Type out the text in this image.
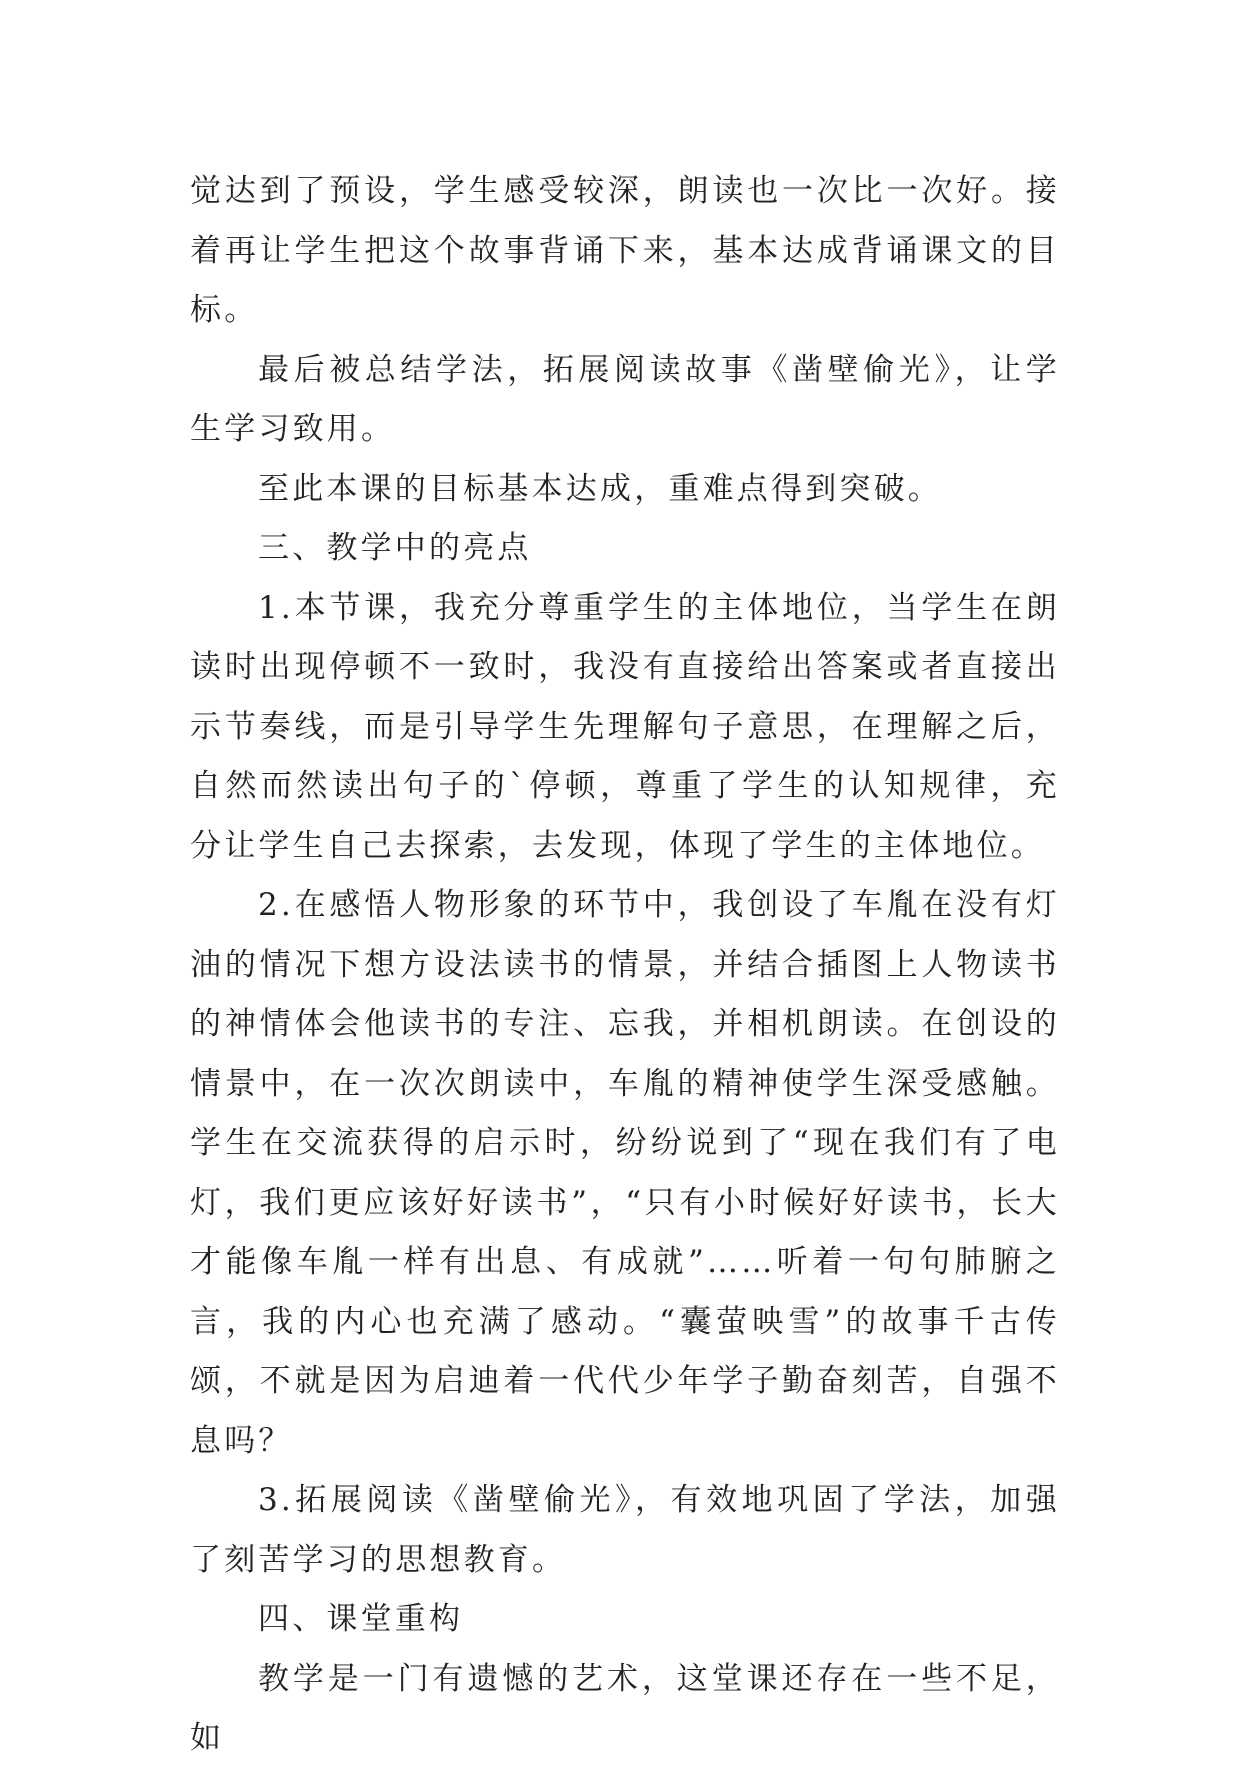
觉达到了预设，学生感受较深，朗读也一次比一次好。接着再让学生把这个故事背诵下来，基本达成背诵课文的目标。

最后被总结学法，拓展阅读故事《凿壁偷光》，让学生学习致用。

至此本课的目标基本达成，重难点得到突破。

三、教学中的亮点

1.本节课，我充分尊重学生的主体地位，当学生在朗读时出现停顿不一致时，我没有直接给出答案或者直接出示节奏线，而是引导学生先理解句子意思，在理解之后，自然而然读出句子的`停顿，尊重了学生的认知规律，充分让学生自己去探索，去发现，体现了学生的主体地位。

2.在感悟人物形象的环节中，我创设了车胤在没有灯油的情况下想方设法读书的情景，并结合插图上人物读书的神情体会他读书的专注、忘我，并相机朗读。在创设的情景中，在一次次朗读中，车胤的精神使学生深受感触。学生在交流获得的启示时，纷纷说到了“现在我们有了电灯，我们更应该好好读书”，“只有小时候好好读书，长大才能像车胤一样有出息、有成就”……听着一句句肺腑之言，我的内心也充满了感动。“囊萤映雪”的故事千古传颂，不就是因为启迪着一代代少年学子勤奋刻苦，自强不息吗？

3.拓展阅读《凿壁偷光》，有效地巩固了学法，加强了刻苦学习的思想教育。

四、课堂重构

教学是一门有遗憾的艺术，这堂课还存在一些不足，如
